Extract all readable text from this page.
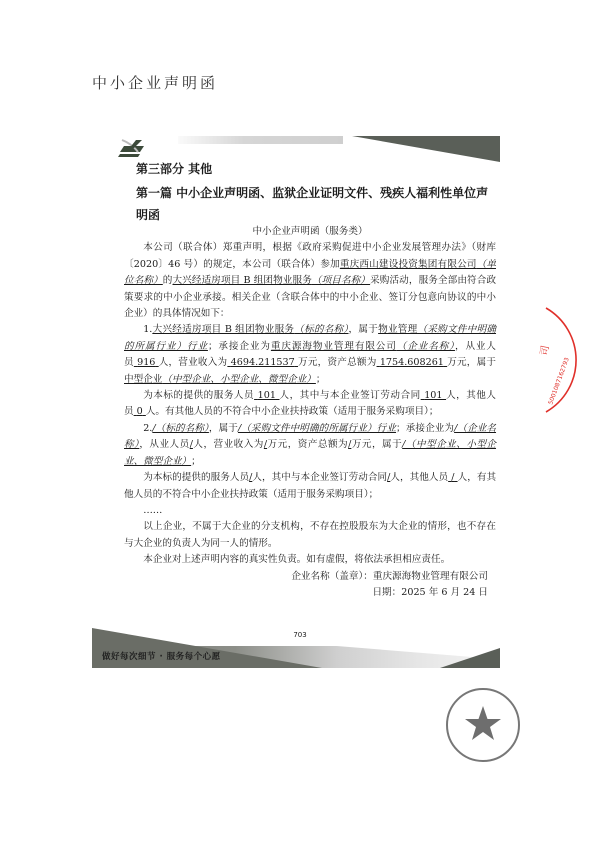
中小企业声明函
第三部分 其他
第一篇 中小企业声明函、监狱企业证明文件、残疾人福利性单位声明函

中小企业声明函（服务类）

本公司（联合体）郑重声明，根据《政府采购促进中小企业发展管理办法》（财库〔2020〕46 号）的规定，本公司（联合体）参加重庆西山建设投资集团有限公司（单位名称）的大兴经适房项目 B 组团物业服务（项目名称）采购活动，服务全部由符合政策要求的中小企业承接。相关企业（含联合体中的中小企业、签订分包意向协议的中小企业）的具体情况如下：

1.大兴经适房项目 B 组团物业服务（标的名称），属于物业管理（采购文件中明确的所属行业）行业；承接企业为重庆源海物业管理有限公司（企业名称），从业人员 916 人，营业收入为 4694.211537 万元，资产总额为 1754.608261 万元，属于中型企业（中型企业、小型企业、微型企业）；

为本标的提供的服务人员 101 人，其中与本企业签订劳动合同 101 人，其他人员 0 人。有其他人员的不符合中小企业扶持政策（适用于服务采购项目）；

2./（标的名称），属于/（采购文件中明确的所属行业）行业；承接企业为/（企业名称），从业人员/人，营业收入为/万元，资产总额为/万元，属于/（中型企业、小型企业、微型企业）；

为本标的提供的服务人员/人，其中与本企业签订劳动合同/人，其他人员 / 人，有其他人员的不符合中小企业扶持政策（适用于服务采购项目）；

……

以上企业，不属于大企业的分支机构，不存在控股股东为大企业的情形，也不存在与大企业的负责人为同一人的情形。

本企业对上述声明内容的真实性负责。如有虚假，将依法承担相应责任。

企业名称（盖章）：重庆源海物业管理有限公司

日期：2025 年 6 月 24 日

做好每次细节 · 服务每个心愿
703
司
5001087162793
